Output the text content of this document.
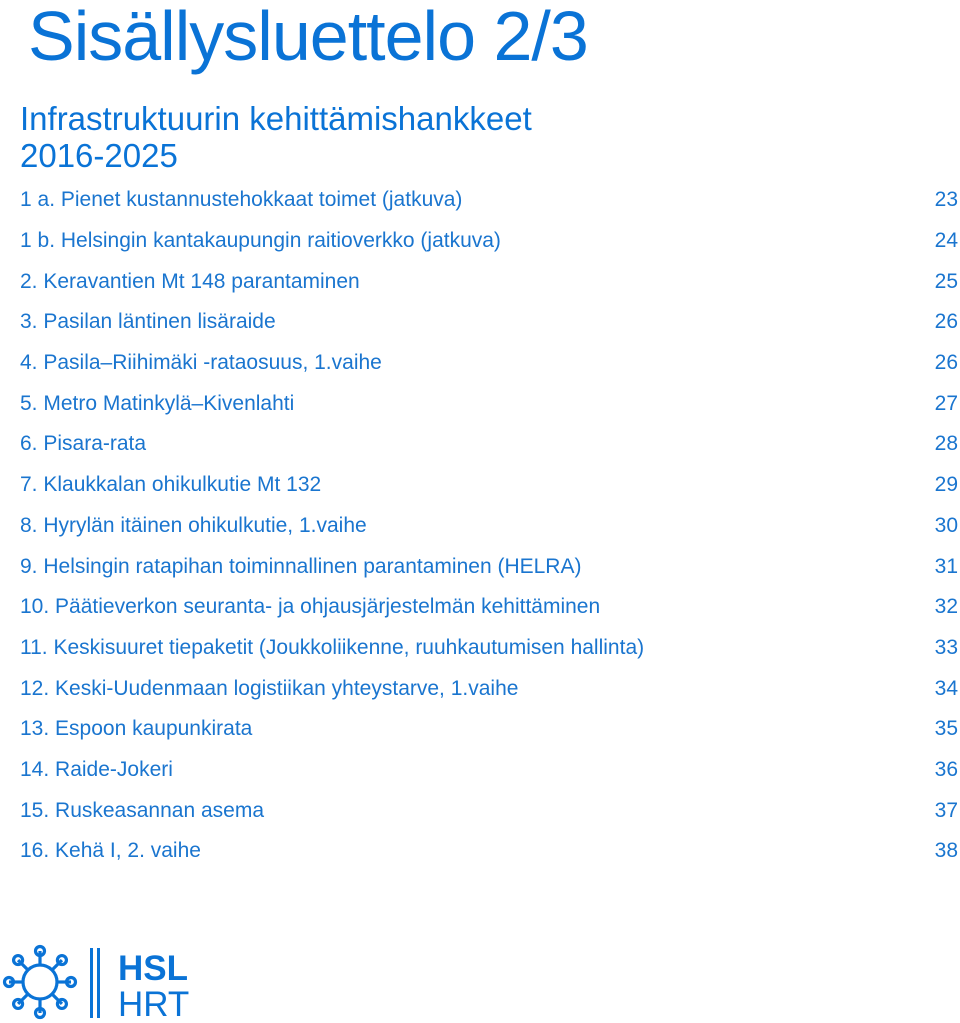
Sisällysluettelo 2/3
Infrastruktuurin kehittämishankkeet
2016-2025
1 a. Pienet kustannustehokkaat toimet (jatkuva)	23
1 b. Helsingin kantakaupungin raitioverkko (jatkuva)	24
2. Keravantien Mt 148 parantaminen	25
3. Pasilan läntinen lisäraide	26
4. Pasila–Riihimäki -rataosuus, 1.vaihe	26
5. Metro Matinkylä–Kivenlahti	27
6. Pisara-rata	28
7. Klaukkalan ohikulkutie Mt 132	29
8. Hyrylän itäinen ohikulkutie, 1.vaihe	30
9. Helsingin ratapihan toiminnallinen parantaminen (HELRA)	31
10. Päätieverkon seuranta- ja ohjausjärjestelmän kehittäminen	32
11. Keskisuuret tiepaketit (Joukkoliikenne, ruuhkautumisen hallinta)	33
12. Keski-Uudenmaan logistiikan yhteystarve, 1.vaihe	34
13. Espoon kaupunkirata	35
14. Raide-Jokeri	36
15. Ruskeasannan asema	37
16. Kehä I, 2. vaihe	38
HSL
HRT
